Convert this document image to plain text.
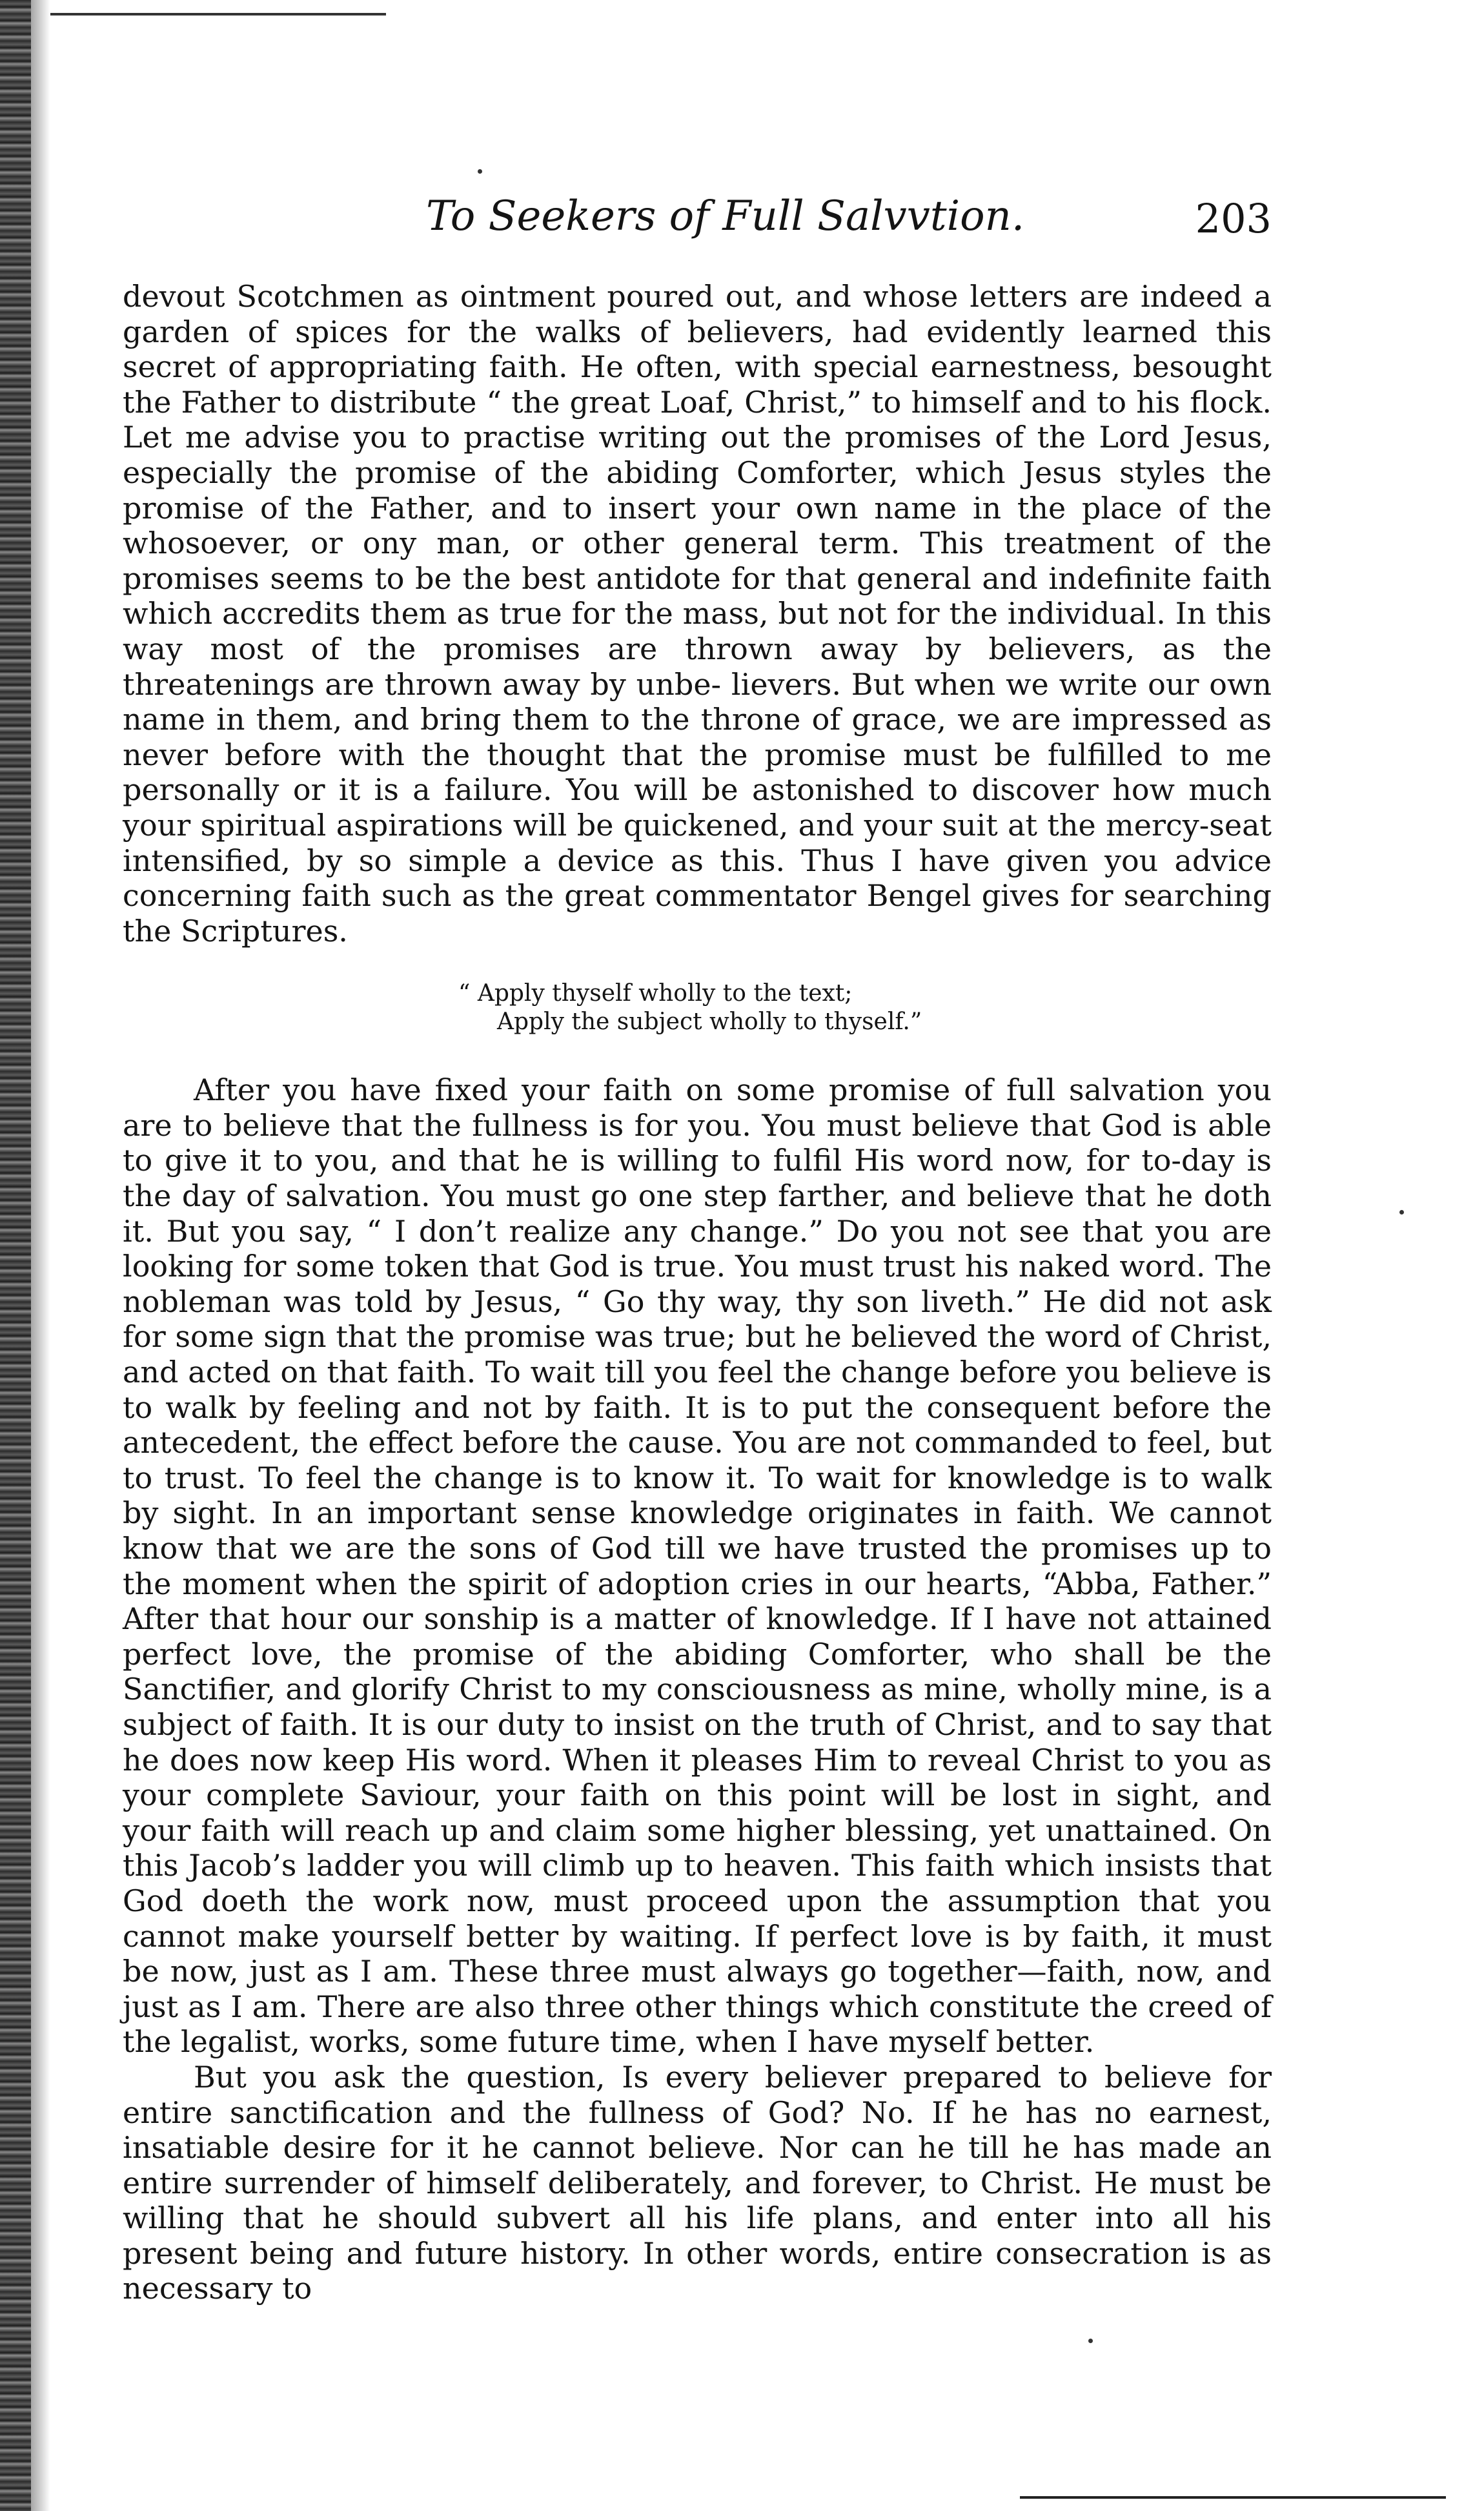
To Seekers of Full Salvvtion.	203

devout Scotchmen as ointment poured out, and whose letters are indeed a garden of spices for the walks of believers, had evidently learned this secret of appropriating faith. He often, with special earnestness, besought the Father to distribute “ the great Loaf, Christ,” to himself and to his flock. Let me advise you to practise writing out the promises of the Lord Jesus, especially the promise of the abiding Comforter, which Jesus styles the promise of the Father, and to insert your own name in the place of the whosoever, or ony man, or other general term. This treatment of the promises seems to be the best antidote for that general and indefinite faith which accredits them as true for the mass, but not for the individual. In this way most of the promises are thrown away by believers, as the threatenings are thrown away by unbe- lievers. But when we write our own name in them, and bring them to the throne of grace, we are impressed as never before with the thought that the promise must be fulfilled to me personally or it is a failure. You will be astonished to discover how much your spiritual aspirations will be quickened, and your suit at the mercy-seat intensified, by so simple a device as this. Thus I have given you advice concerning faith such as the great commentator Bengel gives for searching the Scriptures.

“ Apply thyself wholly to the text;
Apply the subject wholly to thyself.”

After you have fixed your faith on some promise of full salvation you are to believe that the fullness is for you. You must believe that God is able to give it to you, and that he is willing to fulfil His word now, for to-day is the day of salvation. You must go one step farther, and believe that he doth it. But you say, “ I don’t realize any change.” Do you not see that you are looking for some token that God is true. You must trust his naked word. The nobleman was told by Jesus, “ Go thy way, thy son liveth.” He did not ask for some sign that the promise was true; but he believed the word of Christ, and acted on that faith. To wait till you feel the change before you believe is to walk by feeling and not by faith. It is to put the consequent before the antecedent, the effect before the cause. You are not commanded to feel, but to trust. To feel the change is to know it. To wait for knowledge is to walk by sight. In an important sense knowledge originates in faith. We cannot know that we are the sons of God till we have trusted the promises up to the moment when the spirit of adoption cries in our hearts, “Abba, Father.” After that hour our sonship is a matter of knowledge. If I have not attained perfect love, the promise of the abiding Comforter, who shall be the Sanctifier, and glorify Christ to my consciousness as mine, wholly mine, is a subject of faith. It is our duty to insist on the truth of Christ, and to say that he does now keep His word. When it pleases Him to reveal Christ to you as your complete Saviour, your faith on this point will be lost in sight, and your faith will reach up and claim some higher blessing, yet unattained. On this Jacob’s ladder you will climb up to heaven. This faith which insists that God doeth the work now, must proceed upon the assumption that you cannot make yourself better by waiting. If perfect love is by faith, it must be now, just as I am. These three must always go together—faith, now, and just as I am. There are also three other things which constitute the creed of the legalist, works, some future time, when I have myself better.

But you ask the question, Is every believer prepared to believe for entire sanctification and the fullness of God? No. If he has no earnest, insatiable desire for it he cannot believe. Nor can he till he has made an entire surrender of himself deliberately, and forever, to Christ. He must be willing that he should subvert all his life plans, and enter into all his present being and future history. In other words, entire consecration is as necessary to
